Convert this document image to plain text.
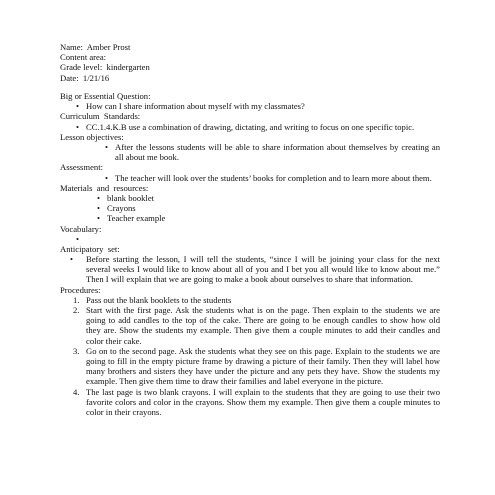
Name:  Amber Prost
Content area:
Grade level:  kindergarten
Date:  1/21/16
Big or Essential Question:
• How can I share information about myself with my classmates?
Curriculum  Standards:
• CC.1.4.K.B use a combination of drawing, dictating, and writing to focus on one specific topic.
Lesson objectives:
• After the lessons students will be able to share information about themselves by creating an all about me book.
Assessment:
• The teacher will look over the students’ books for completion and to learn more about them.
Materials  and  resources:
• blank booklet
• Crayons
• Teacher example
Vocabulary:
•
Anticipatory  set:
• Before starting the lesson, I will tell the students, “since I will be joining your class for the next several weeks I would like to know about all of you and I bet you all would like to know about me.” Then I will explain that we are going to make a book about ourselves to share that information.
Procedures:
1. Pass out the blank booklets to the students
2. Start with the first page. Ask the students what is on the page. Then explain to the students we are going to add candles to the top of the cake. There are going to be enough candles to show how old they are. Show the students my example. Then give them a couple minutes to add their candles and color their cake.
3. Go on to the second page. Ask the students what they see on this page. Explain to the students we are going to fill in the empty picture frame by drawing a picture of their family. Then they will label how many brothers and sisters they have under the picture and any pets they have. Show the students my example. Then give them time to draw their families and label everyone in the picture.
4. The last page is two blank crayons. I will explain to the students that they are going to use their two favorite colors and color in the crayons. Show them my example. Then give them a couple minutes to color in their crayons.
